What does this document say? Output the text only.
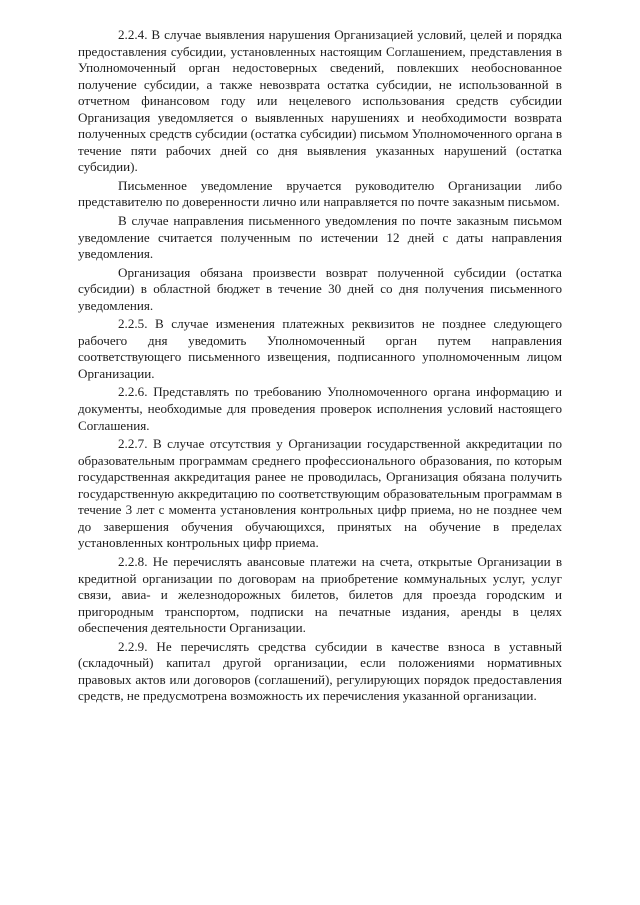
2.2.4. В случае выявления нарушения Организацией условий, целей и порядка предоставления субсидии, установленных настоящим Соглашением, представления в Уполномоченный орган недостоверных сведений, повлекших необоснованное получение субсидии, а также невозврата остатка субсидии, не использованной в отчетном финансовом году или нецелевого использования средств субсидии Организация уведомляется о выявленных нарушениях и необходимости возврата полученных средств субсидии (остатка субсидии) письмом Уполномоченного органа в течение пяти рабочих дней со дня выявления указанных нарушений (остатка субсидии).

Письменное уведомление вручается руководителю Организации либо представителю по доверенности лично или направляется по почте заказным письмом.

В случае направления письменного уведомления по почте заказным письмом уведомление считается полученным по истечении 12 дней с даты направления уведомления.

Организация обязана произвести возврат полученной субсидии (остатка субсидии) в областной бюджет в течение 30 дней со дня получения письменного уведомления.

2.2.5. В случае изменения платежных реквизитов не позднее следующего рабочего дня уведомить Уполномоченный орган путем направления соответствующего письменного извещения, подписанного уполномоченным лицом Организации.

2.2.6. Представлять по требованию Уполномоченного органа информацию и документы, необходимые для проведения проверок исполнения условий настоящего Соглашения.

2.2.7. В случае отсутствия у Организации государственной аккредитации по образовательным программам среднего профессионального образования, по которым государственная аккредитация ранее не проводилась, Организация обязана получить государственную аккредитацию по соответствующим образовательным программам в течение 3 лет с момента установления контрольных цифр приема, но не позднее чем до завершения обучения обучающихся, принятых на обучение в пределах установленных контрольных цифр приема.

2.2.8. Не перечислять авансовые платежи на счета, открытые Организации в кредитной организации по договорам на приобретение коммунальных услуг, услуг связи, авиа- и железнодорожных билетов, билетов для проезда городским и пригородным транспортом, подписки на печатные издания, аренды в целях обеспечения деятельности Организации.

2.2.9. Не перечислять средства субсидии в качестве взноса в уставный (складочный) капитал другой организации, если положениями нормативных правовых актов или договоров (соглашений), регулирующих порядок предоставления средств, не предусмотрена возможность их перечисления указанной организации.
